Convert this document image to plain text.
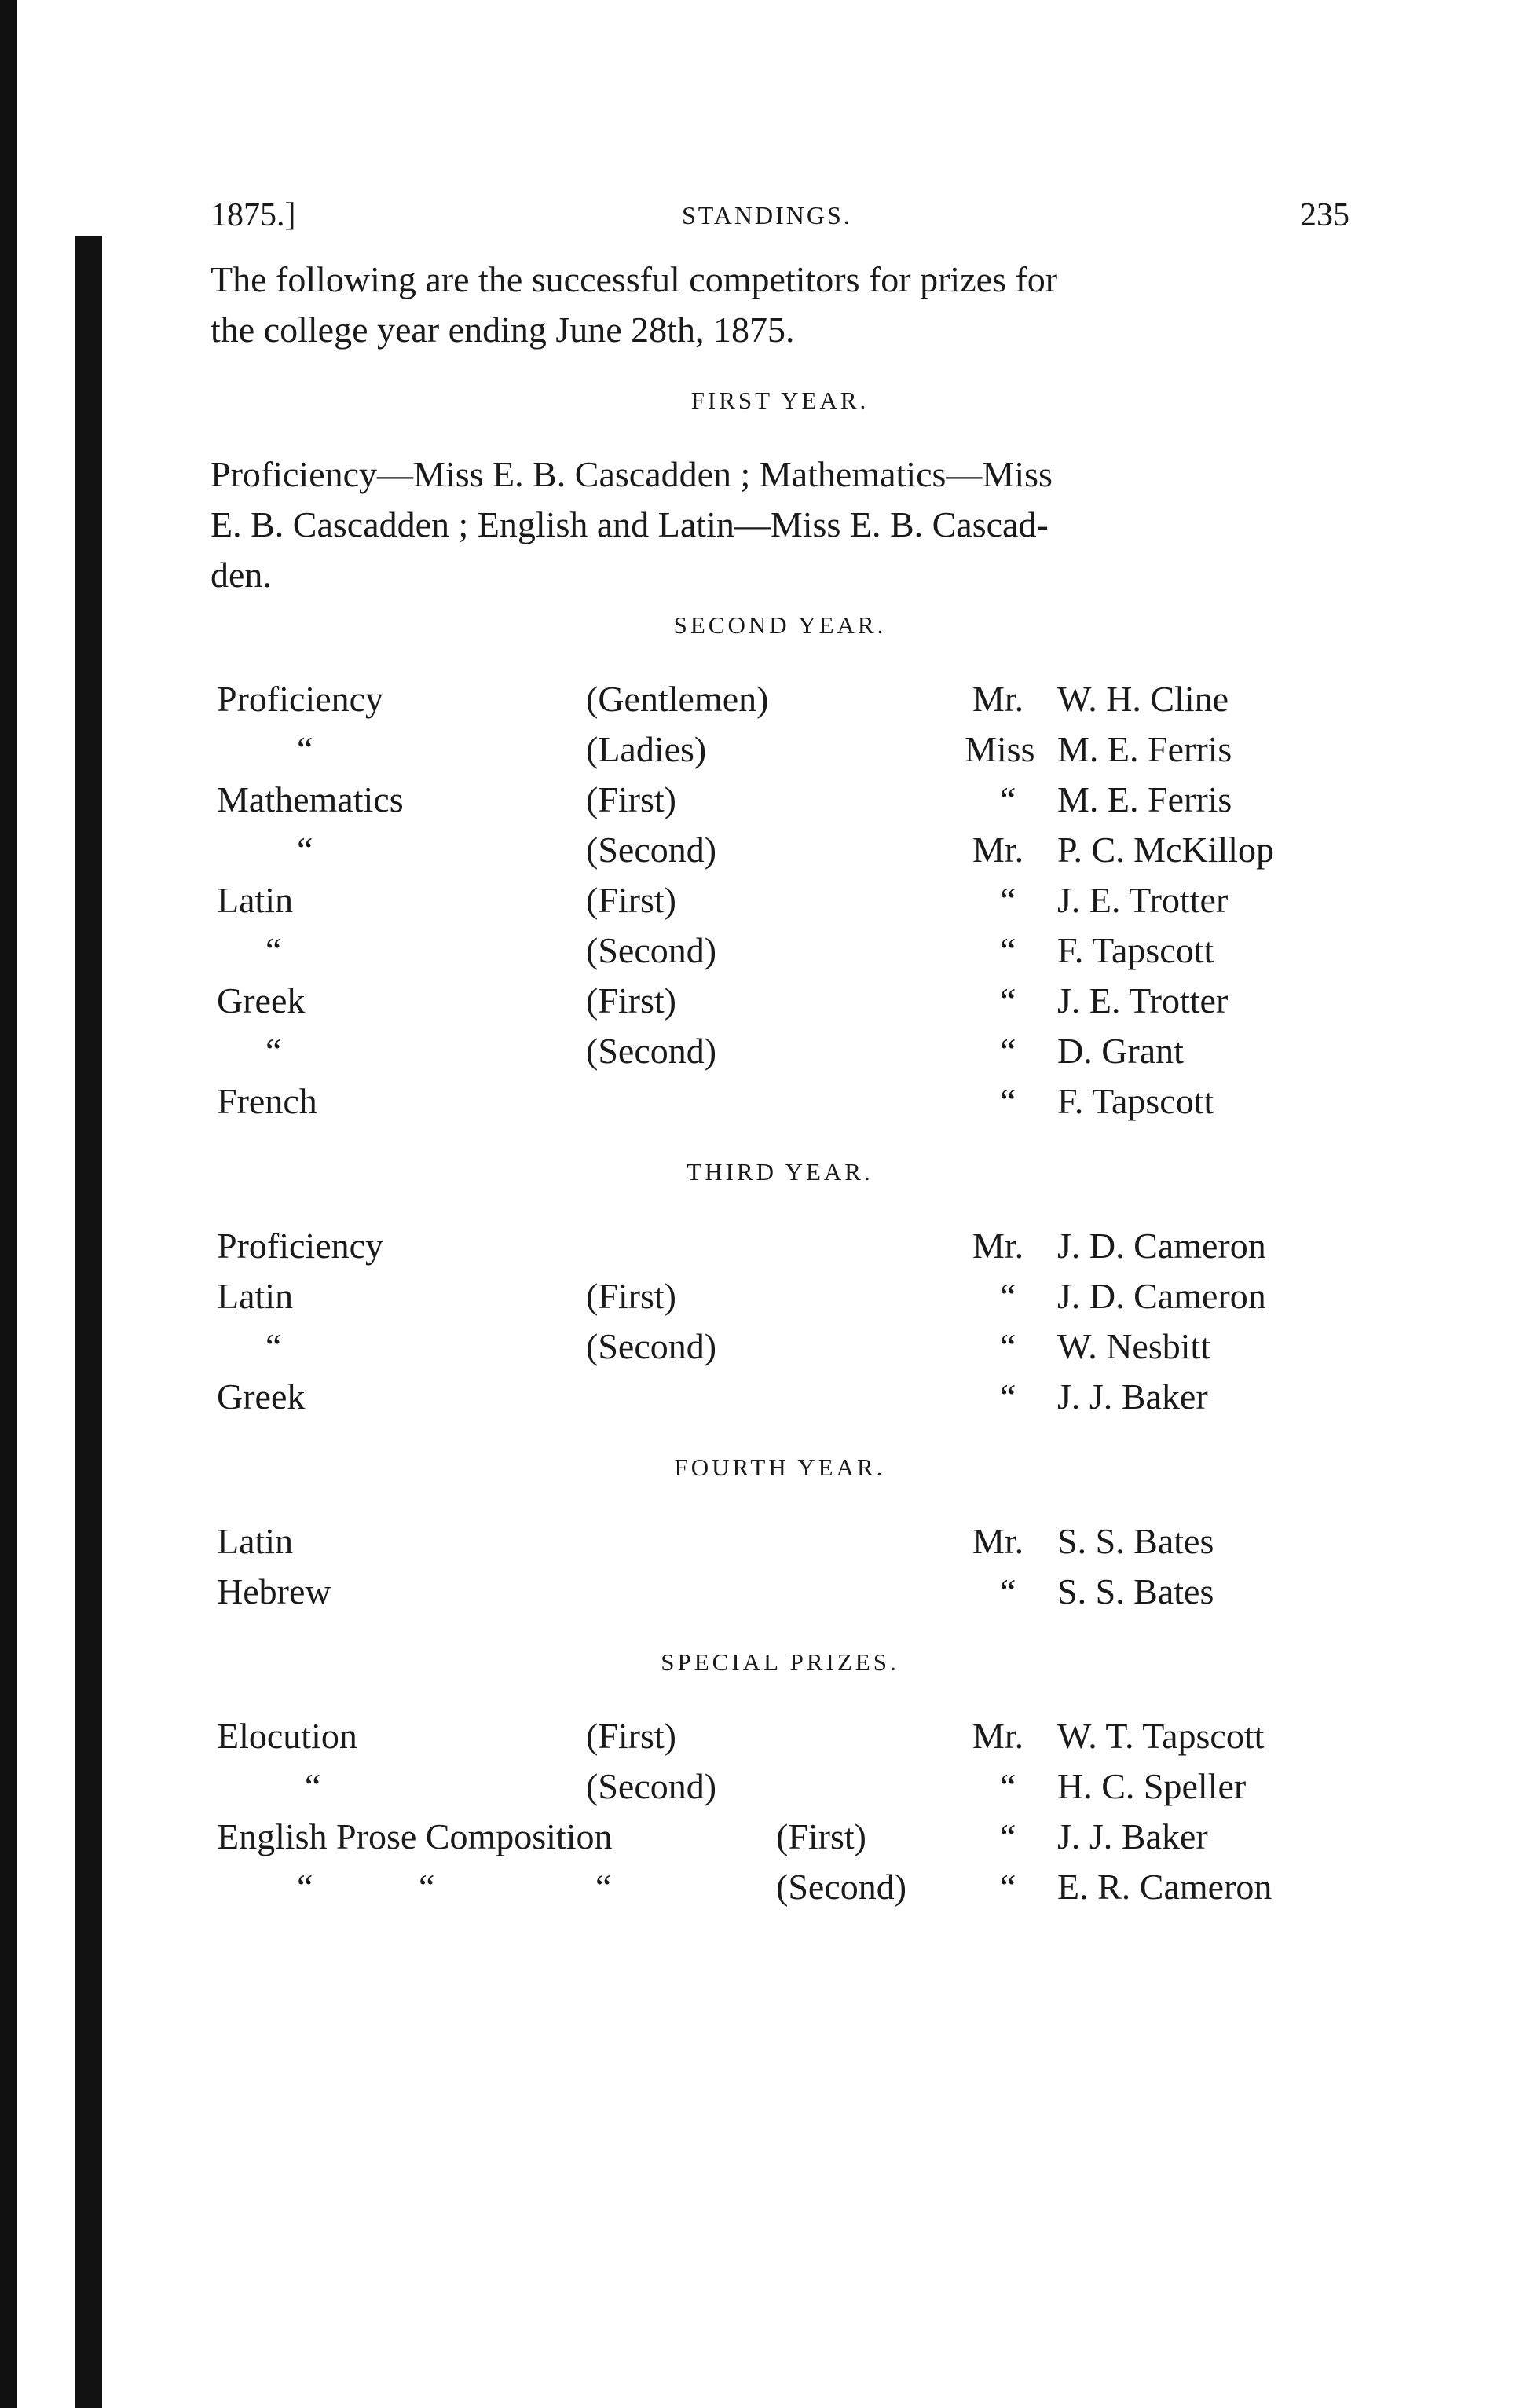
1875.]	STANDINGS.	235

The following are the successful competitors for prizes for

the college year ending June 28th, 1875.

FIRST YEAR.
Proficiency—Miss E. B. Cascadden ; Mathematics—Miss
E. B. Cascadden ; English and Latin—Miss E. B. Cascad-
den.
SECOND YEAR.
Proficiency	(Gentlemen)	Mr. W. H. Cline
“	(Ladies)	Miss M. E. Ferris
Mathematics	(First)	“ M. E. Ferris
“	(Second)	Mr. P. C. McKillop
Latin	(First)	“ J. E. Trotter
“	(Second)	“ F. Tapscott
Greek	(First)	“ J. E. Trotter
“	(Second)	“ D. Grant
French	“ F. Tapscott
THIRD YEAR.
Proficiency	Mr. J. D. Cameron
Latin	(First)	“ J. D. Cameron
“	(Second)	“ W. Nesbitt
Greek	“ J. J. Baker
FOURTH YEAR.
Latin	Mr. S. S. Bates
Hebrew	“ S. S. Bates
SPECIAL PRIZES.
Elocution	(First)	Mr. W. T. Tapscott
“	(Second)	“ H. C. Speller
English Prose Composition	(First)	“ J. J. Baker
“	“	“	(Second)	“ E. R. Cameron
